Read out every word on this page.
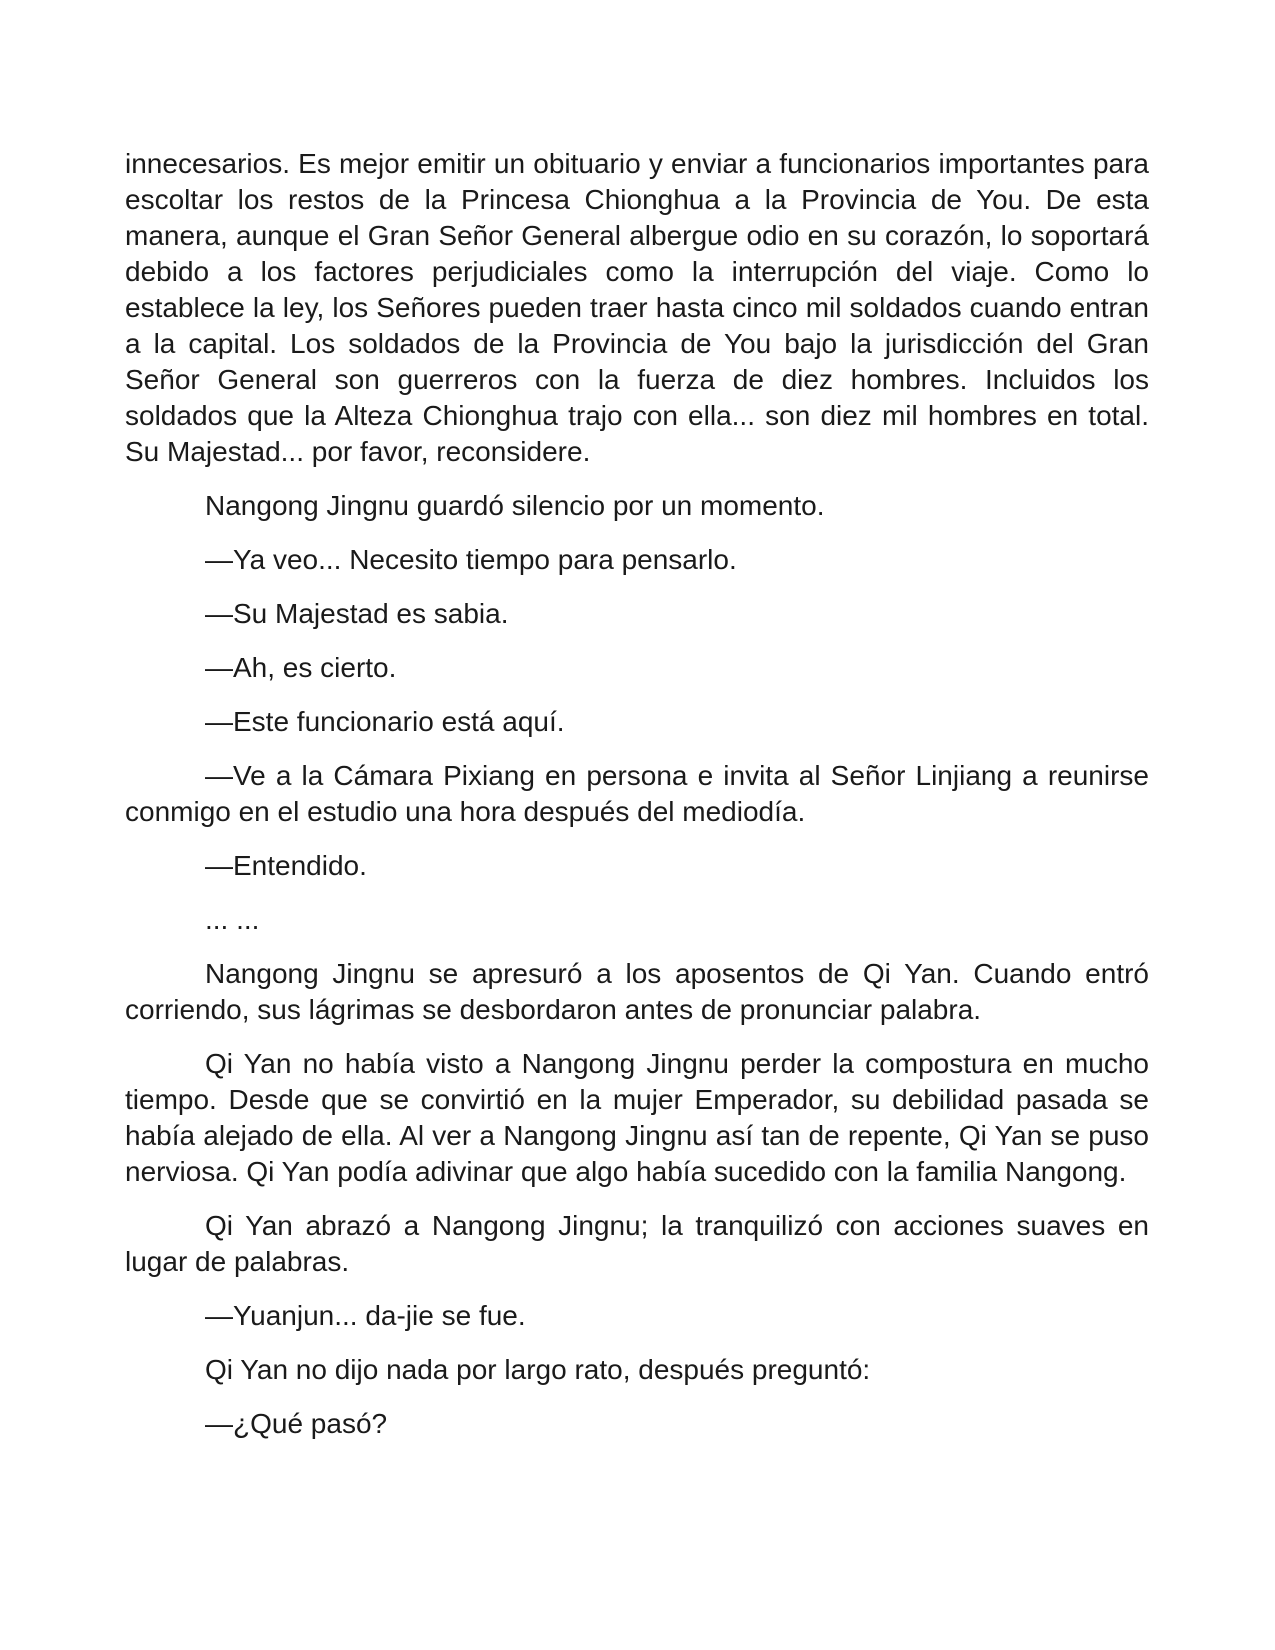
innecesarios. Es mejor emitir un obituario y enviar a funcionarios importantes para escoltar los restos de la Princesa Chionghua a la Provincia de You. De esta manera, aunque el Gran Señor General albergue odio en su corazón, lo soportará debido a los factores perjudiciales como la interrupción del viaje. Como lo establece la ley, los Señores pueden traer hasta cinco mil soldados cuando entran a la capital. Los soldados de la Provincia de You bajo la jurisdicción del Gran Señor General son guerreros con la fuerza de diez hombres. Incluidos los soldados que la Alteza Chionghua trajo con ella... son diez mil hombres en total. Su Majestad... por favor, reconsidere.

Nangong Jingnu guardó silencio por un momento.

—Ya veo... Necesito tiempo para pensarlo.

—Su Majestad es sabia.

—Ah, es cierto.

—Este funcionario está aquí.

—Ve a la Cámara Pixiang en persona e invita al Señor Linjiang a reunirse conmigo en el estudio una hora después del mediodía.

—Entendido.

... ...

Nangong Jingnu se apresuró a los aposentos de Qi Yan. Cuando entró corriendo, sus lágrimas se desbordaron antes de pronunciar palabra.

Qi Yan no había visto a Nangong Jingnu perder la compostura en mucho tiempo. Desde que se convirtió en la mujer Emperador, su debilidad pasada se había alejado de ella. Al ver a Nangong Jingnu así tan de repente, Qi Yan se puso nerviosa. Qi Yan podía adivinar que algo había sucedido con la familia Nangong.

Qi Yan abrazó a Nangong Jingnu; la tranquilizó con acciones suaves en lugar de palabras.

—Yuanjun... da-jie se fue.

Qi Yan no dijo nada por largo rato, después preguntó:

—¿Qué pasó?
